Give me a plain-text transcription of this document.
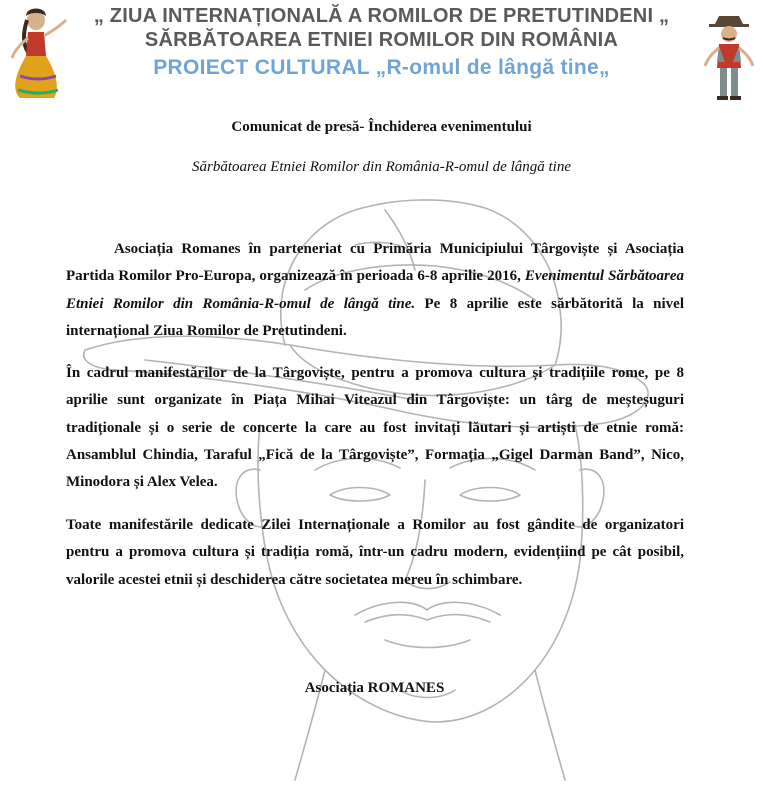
„ ZIUA INTERNAȚIONALĂ A ROMILOR DE PRETUTINDENI „
SĂRBĂTOAREA ETNIEI ROMILOR DIN ROMÂNIA
PROIECT CULTURAL „R-omul de lângă tine„
Comunicat de presă- Închiderea evenimentului
Sărbătoarea Etniei Romilor din România-R-omul de lângă tine
Asociația Romanes în parteneriat cu Primăria Municipiului Târgoviște și Asociația Partida Romilor Pro-Europa, organizează în perioada 6-8 aprilie 2016, Evenimentul Sărbătoarea Etniei Romilor din România-R-omul de lângă tine. Pe 8 aprilie este sărbătorită la nivel internațional Ziua Romilor de Pretutindeni.
În cadrul manifestărilor de la Târgoviște, pentru a promova cultura și tradițiile rome, pe 8 aprilie sunt organizate în Piața Mihai Viteazul din Târgoviște: un târg de meșteșuguri tradiționale și o serie de concerte la care au fost invitați lăutari și artiști de etnie romă: Ansamblul Chindia, Taraful „Fică de la Târgoviște”, Formația „Gigel Darman Band”, Nico, Minodora și Alex Velea.
Toate manifestările dedicate Zilei Internaționale a Romilor au fost gândite de organizatori pentru a promova cultura și tradiția romă, într-un cadru modern, evidențiind pe cât posibil, valorile acestei etnii și deschiderea către societatea mereu în schimbare.
Asociația ROMANES
